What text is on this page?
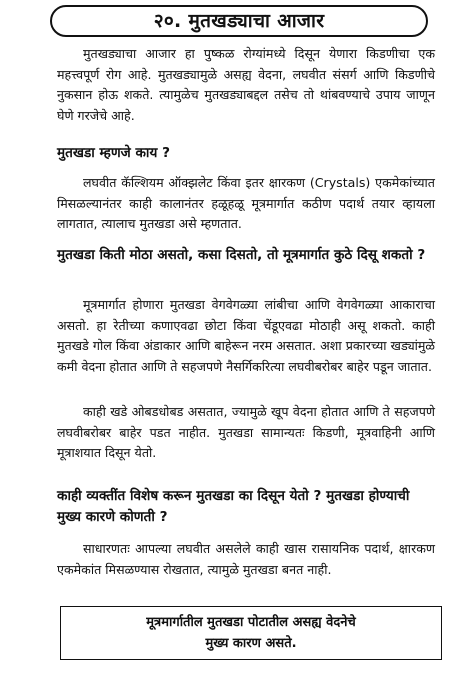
२०. मुतखड्याचा आजार

मुतखड्याचा आजार हा पुष्कळ रोग्यांमध्ये दिसून येणारा किडणीचा एक महत्त्वपूर्ण रोग आहे. मुतखड्यामुळे असह्य वेदना, लघवीत संसर्ग आणि किडणीचे नुकसान होऊ शकते. त्यामुळेच मुतखड्याबद्दल तसेच तो थांबवण्याचे उपाय जाणून घेणे गरजेचे आहे.

मुतखडा म्हणजे काय ?

लघवीत कॅल्शियम ऑक्झलेट किंवा इतर क्षारकण (Crystals) एकमेकांच्यात मिसळल्यानंतर काही कालानंतर हळूहळू मूत्रमार्गात कठीण पदार्थ तयार व्हायला लागतात, त्यालाच मुतखडा असे म्हणतात.

मुतखडा किती मोठा असतो, कसा दिसतो, तो मूत्रमार्गात कुठे दिसू शकतो ?

मूत्रमार्गात होणारा मुतखडा वेगवेगळ्या लांबीचा आणि वेगवेगळ्या आकाराचा असतो. हा रेतीच्या कणाएवढा छोटा किंवा चेंडूएवढा मोठाही असू शकतो. काही मुतखडे गोल किंवा अंडाकार आणि बाहेरून नरम असतात. अशा प्रकारच्या खड्यांमुळे कमी वेदना होतात आणि ते सहजपणे नैसर्गिकरित्या लघवीबरोबर बाहेर पडून जातात.

काही खडे ओबडधोबड असतात, ज्यामुळे खूप वेदना होतात आणि ते सहजपणे लघवीबरोबर बाहेर पडत नाहीत. मुतखडा सामान्यतः किडणी, मूत्रवाहिनी आणि मूत्राशयात दिसून येतो.

काही व्यक्तींत विशेष करून मुतखडा का दिसून येतो ? मुतखडा होण्याची मुख्य कारणे कोणती ?

साधारणतः आपल्या लघवीत असलेले काही खास रासायनिक पदार्थ, क्षारकण एकमेकांत मिसळण्यास रोखतात, त्यामुळे मुतखडा बनत नाही.

मूत्रमार्गातील मुतखडा पोटातील असह्य वेदनेचे
मुख्य कारण असते.
